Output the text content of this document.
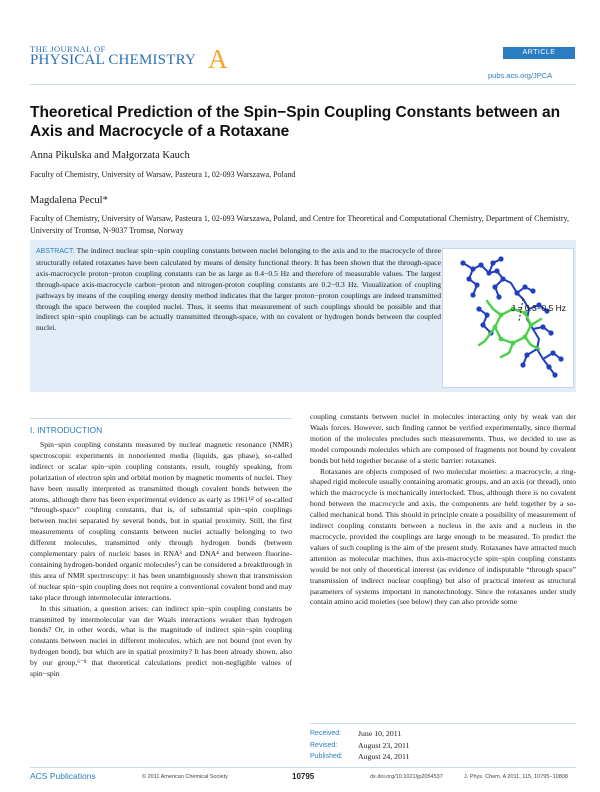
THE JOURNAL OF
PHYSICAL CHEMISTRY A	ARTICLE
pubs.acs.org/JPCA
Theoretical Prediction of the Spin−Spin Coupling Constants between an Axis and Macrocycle of a Rotaxane
Anna Pikulska and Małgorzata Kauch
Faculty of Chemistry, University of Warsaw, Pasteura 1, 02-093 Warszawa, Poland
Magdalena Pecul*
Faculty of Chemistry, University of Warsaw, Pasteura 1, 02-093 Warszawa, Poland, and Centre for Theoretical and Computational Chemistry, Department of Chemistry, University of Tromsø, N-9037 Tromsø, Norway
ABSTRACT: The indirect nuclear spin−spin coupling constants between nuclei belonging to the axis and to the macrocycle of three structurally related rotaxanes have been calculated by means of density functional theory. It has been shown that the through-space axis-macrocycle proton−proton coupling constants can be as large as 0.4−0.5 Hz and therefore of measurable values. The largest through-space axis-macrocycle carbon−proton and nitrogen-proton coupling constants are 0.2−0.3 Hz. Visualization of coupling pathways by means of the coupling energy density method indicates that the larger proton−proton couplings are indeed transmitted through the space between the coupled nuclei. Thus, it seems that measurement of such couplings should be possible and that indirect spin−spin couplings can be actually transmitted through-space, with no covalent or hydrogen bonds between the coupled nuclei.
J = 0.3–0.5 Hz
I. INTRODUCTION

Spin−spin coupling constants measured by nuclear magnetic resonance (NMR) spectroscopic experiments in nonoriented media (liquids, gas phase), so-called indirect or scalar spin−spin coupling constants, result, roughly speaking, from polarization of electron spin and orbital motion by magnetic moments of nuclei. They have been usually interpreted as transmitted though covalent bonds between the atoms, although there has been experimental evidence as early as 1961¹ʲ² of so-called “through-space” coupling constants, that is, of substantial spin−spin couplings between nuclei separated by several bonds, but in spatial proximity. Still, the first measurements of coupling constants between nuclei actually belonging to two different molecules, transmitted only through hydrogen bonds (between complementary pairs of nucleic bases in RNA³ and DNA⁴ and between fluorine-containing hydrogen-bonded organic molecules⁵) can be considered a breakthrough in this area of NMR spectroscopy: it has been unambiguously shown that transmission of nuclear spin−spin coupling does not require a conventional covalent bond and may take place through intermolecular interactions.

In this situation, a question arises: can indirect spin−spin coupling constants be transmitted by intermolecular van der Waals interactions weaker than hydrogen bonds? Or, in other words, what is the magnitude of indirect spin−spin coupling constants between nuclei in different molecules, which are not bound (not even by hydrogen bond), but which are in spatial proximity? It has been already shown, also by our group,⁶⁻⁸ that theoretical calculations predict non-negligible values of spin−spin

coupling constants between nuclei in molecules interacting only by weak van der Waals forces. However, such finding cannot be verified experimentally, since thermal motion of the molecules precludes such measurements. Thus, we decided to use as model compounds molecules which are composed of fragments not bound by covalent bonds but held together because of a steric barrier: rotaxanes.

Rotaxanes are objects composed of two molecular moieties: a macrocycle, a ring-shaped rigid molecule usually containing aromatic groups, and an axis (or thread), onto which the macrocycle is mechanically interlocked. Thus, although there is no covalent bond between the macrocycle and axis, the components are held together by a so-called mechanical bond. This should in principle create a possibility of measurement of indirect coupling constants between a nucleus in the axis and a nucleus in the macrocycle, provided the couplings are large enough to be measured. To predict the values of such coupling is the aim of the present study. Rotaxanes have attracted much attention as molecular machines, thus axis-macrocycle spin−spin coupling constants would be not only of theoretical interest (as evidence of indisputable “through space” transmission of indirect nuclear coupling) but also of practical interest as structural parameters of systems important in nanotechnology. Since the rotaxanes under study contain amino acid moieties (see below) they can also provide some

Received:	June 10, 2011
Revised:	August 23, 2011
Published:	August 24, 2011
ACS Publications	© 2011 American Chemical Society	10795	dx.doi.org/10.1021/jp2054537	J. Phys. Chem. A 2011, 115, 10795−10808
